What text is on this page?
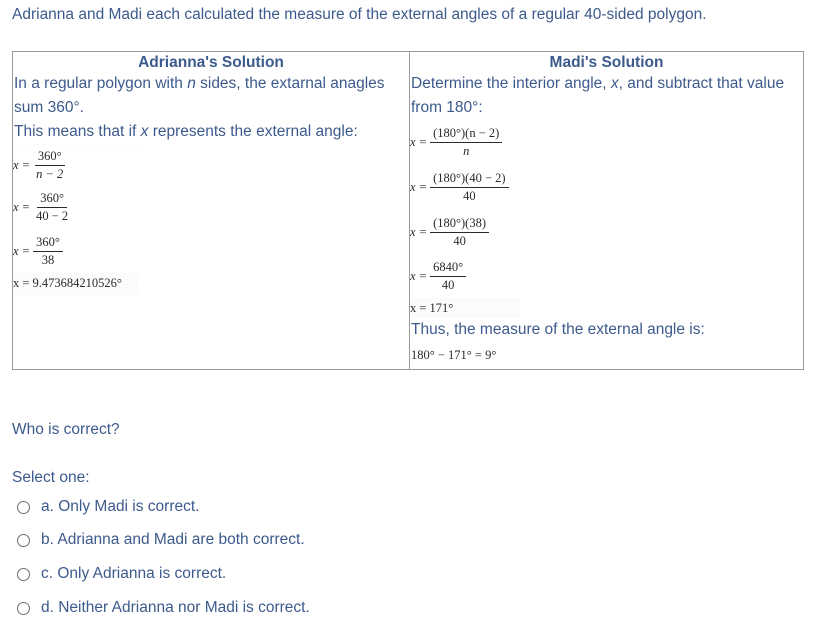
Adrianna and Madi each calculated the measure of the external angles of a regular 40-sided polygon.
Adrianna's Solution
In a regular polygon with n sides, the extarnal anagles
sum 360°.
This means that if x represents the external angle:
$x = \frac{360^\circ}{n - 2}$
$x = \frac{360^\circ}{40 - 2}$
$x = \frac{360^\circ}{38}$
x = 9.473684210526°

Madi's Solution
Determine the interior angle, x, and subtract that value
from 180°:
$x = \frac{(180^\circ)(n - 2)}{n}$
$x = \frac{(180^\circ)(40 - 2)}{40}$
$x = \frac{(180^\circ)(38)}{40}$
$x = \frac{6840^\circ}{40}$
x = 171°
Thus, the measure of the external angle is:
180° − 171° = 9°
Who is correct?
Select one:
a. Only Madi is correct.
b. Adrianna and Madi are both correct.
c. Only Adrianna is correct.
d. Neither Adrianna nor Madi is correct.
